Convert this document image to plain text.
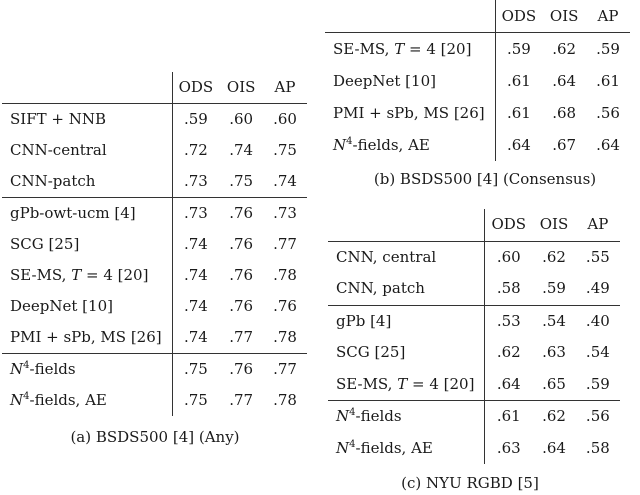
	ODS	OIS	AP
SIFT + NNB	.59	.60	.60
CNN-central	.72	.74	.75
CNN-patch	.73	.75	.74
gPb-owt-ucm [4]	.73	.76	.73
SCG [25]	.74	.76	.77
SE-MS, T = 4 [20]	.74	.76	.78
DeepNet [10]	.74	.76	.76
PMI + sPb, MS [26]	.74	.77	.78
$N^4$-fields	.75	.76	.77
$N^4$-fields, AE	.75	.77	.78
(a) BSDS500 [4] (Any)
	ODS	OIS	AP
SE-MS, T = 4 [20]	.59	.62	.59
DeepNet [10]	.61	.64	.61
PMI + sPb, MS [26]	.61	.68	.56
$N^4$-fields, AE	.64	.67	.64
(b) BSDS500 [4] (Consensus)
	ODS	OIS	AP
CNN, central	.60	.62	.55
CNN, patch	.58	.59	.49
gPb [4]	.53	.54	.40
SCG [25]	.62	.63	.54
SE-MS, T = 4 [20]	.64	.65	.59
$N^4$-fields	.61	.62	.56
$N^4$-fields, AE	.63	.64	.58
(c) NYU RGBD [5]
